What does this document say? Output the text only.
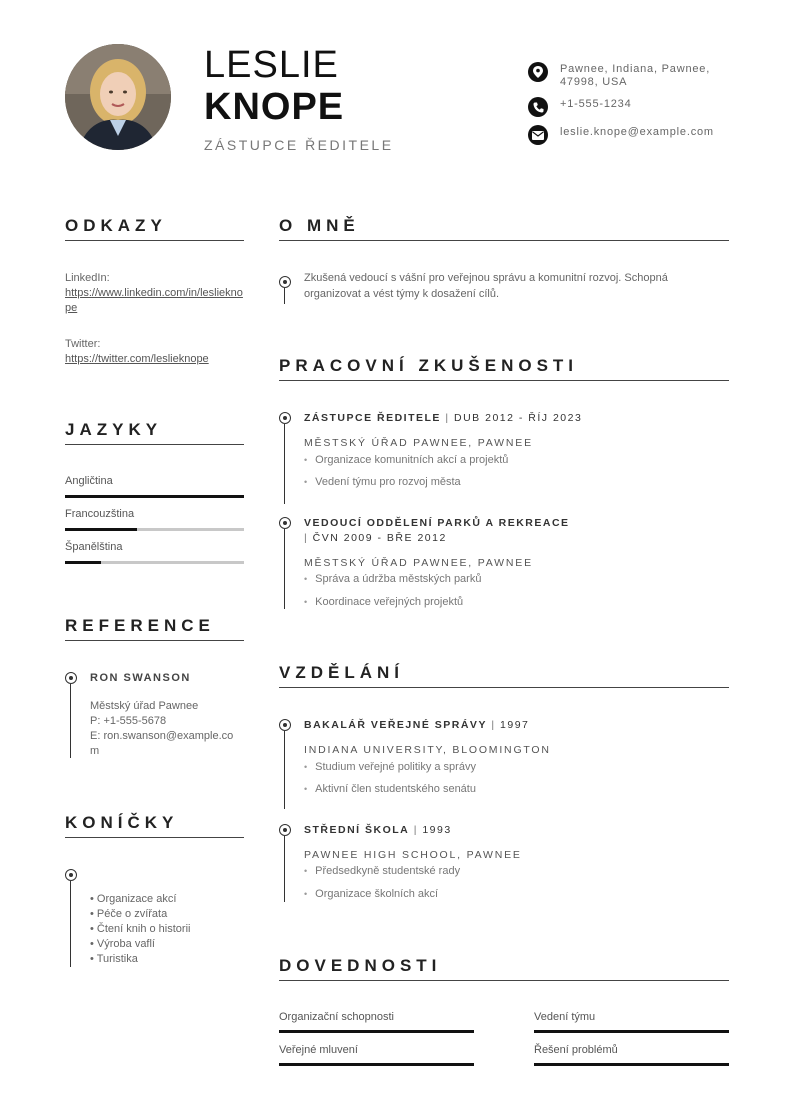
LESLIE
KNOPE
ZÁSTUPCE ŘEDITELE
Pawnee, Indiana, Pawnee, 47998, USA
+1-555-1234
leslie.knope@example.com
ODKAZY
LinkedIn:
https://www.linkedin.com/in/leslieknope
Twitter:
https://twitter.com/leslieknope
JAZYKY
Angličtina
Francouzština
Španělština
REFERENCE
RON SWANSON
Městský úřad Pawnee
P: +1-555-5678
E: ron.swanson@example.com
KONÍČKY
• Organizace akcí
• Péče o zvířata
• Čtení knih o historii
• Výroba vaflí
• Turistika
O MNĚ
Zkušená vedoucí s vášní pro veřejnou správu a komunitní rozvoj. Schopná organizovat a vést týmy k dosažení cílů.
PRACOVNÍ ZKUŠENOSTI
ZÁSTUPCE ŘEDITELE | DUB 2012 - ŘÍJ 2023
MĚSTSKÝ ÚŘAD PAWNEE, PAWNEE
• Organizace komunitních akcí a projektů
• Vedení týmu pro rozvoj města
VEDOUCÍ ODDĚLENÍ PARKŮ A REKREACE
| ČVN 2009 - BŘE 2012
MĚSTSKÝ ÚŘAD PAWNEE, PAWNEE
• Správa a údržba městských parků
• Koordinace veřejných projektů
VZDĚLÁNÍ
BAKALÁŘ VEŘEJNÉ SPRÁVY | 1997
INDIANA UNIVERSITY, BLOOMINGTON
• Studium veřejné politiky a správy
• Aktivní člen studentského senátu
STŘEDNÍ ŠKOLA | 1993
PAWNEE HIGH SCHOOL, PAWNEE
• Předsedkyně studentské rady
• Organizace školních akcí
DOVEDNOSTI
Organizační schopnosti	Vedení týmu
Veřejné mluvení	Řešení problémů
